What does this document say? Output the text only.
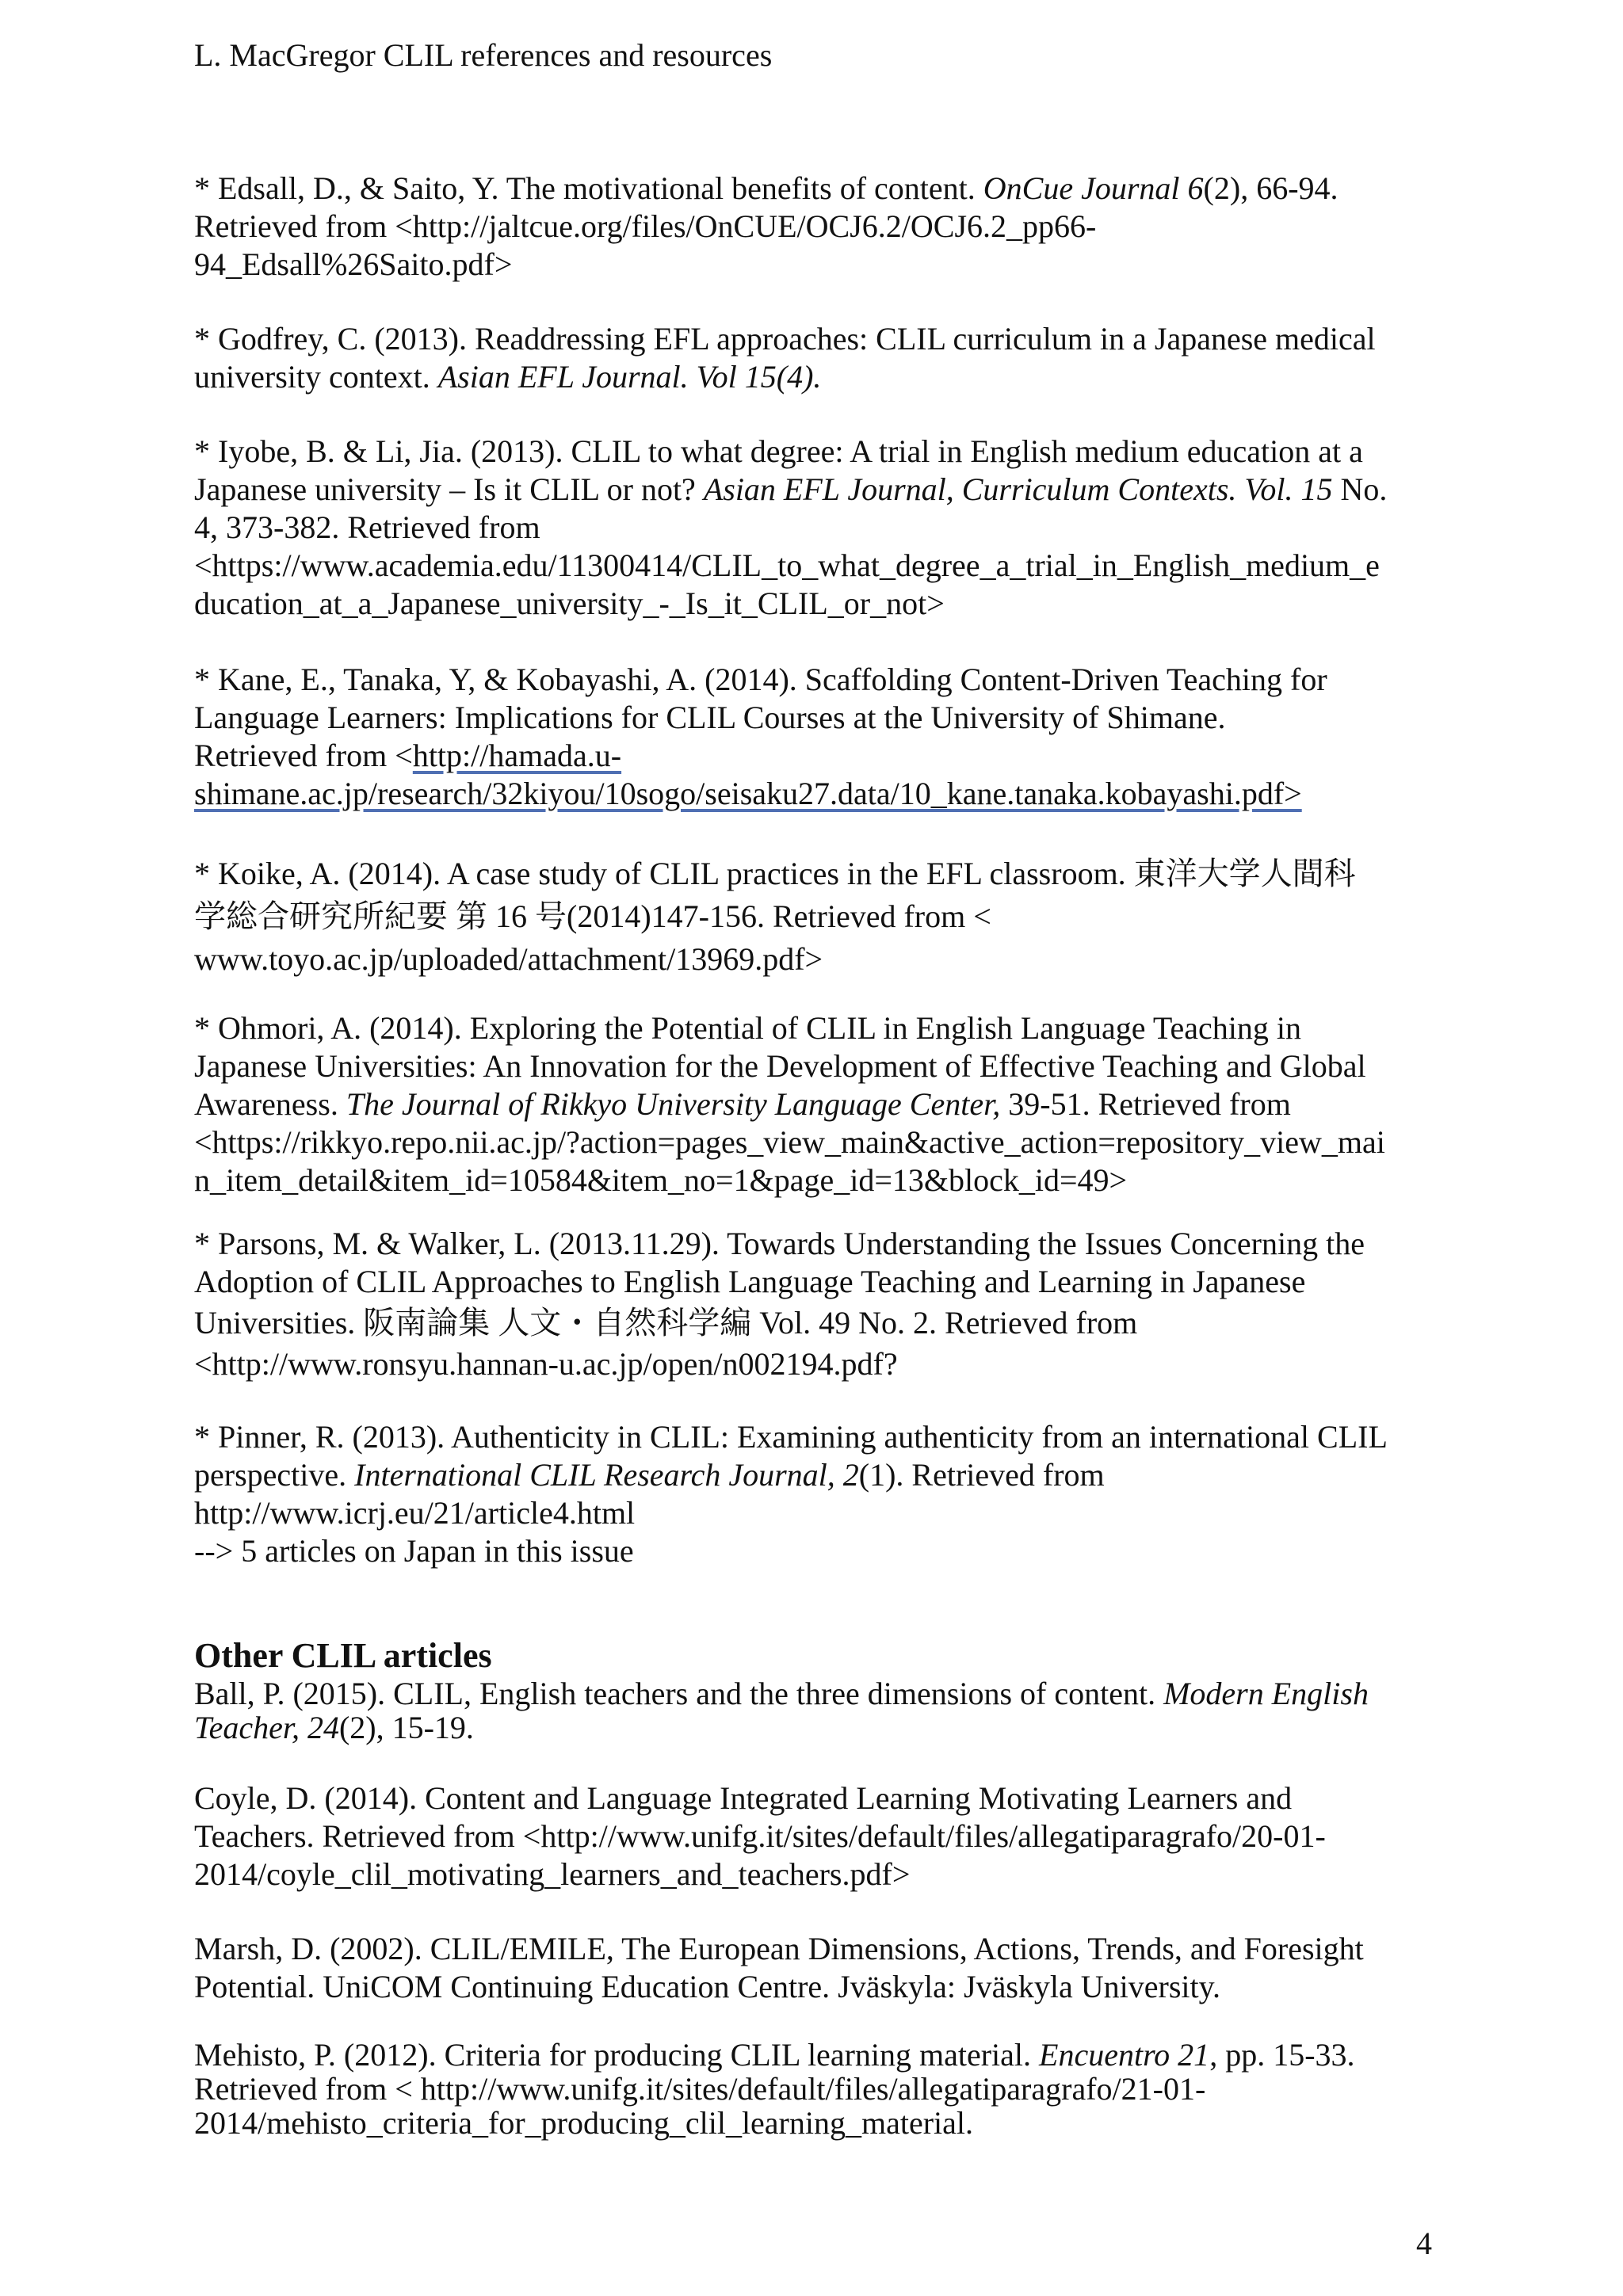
L. MacGregor CLIL references and resources
* Edsall, D., & Saito, Y. The motivational benefits of content. OnCue Journal 6(2), 66-94.
Retrieved from <http://jaltcue.org/files/OnCUE/OCJ6.2/OCJ6.2_pp66-
94_Edsall%26Saito.pdf>
* Godfrey, C. (2013). Readdressing EFL approaches: CLIL curriculum in a Japanese medical
university context. Asian EFL Journal. Vol 15(4).
* Iyobe, B. & Li, Jia. (2013). CLIL to what degree: A trial in English medium education at a
Japanese university – Is it CLIL or not? Asian EFL Journal, Curriculum Contexts. Vol. 15 No.
4, 373-382. Retrieved from
<https://www.academia.edu/11300414/CLIL_to_what_degree_a_trial_in_English_medium_e
ducation_at_a_Japanese_university_-_Is_it_CLIL_or_not>
* Kane, E., Tanaka, Y, & Kobayashi, A. (2014). Scaffolding Content-Driven Teaching for
Language Learners: Implications for CLIL Courses at the University of Shimane.
Retrieved from <http://hamada.u-
shimane.ac.jp/research/32kiyou/10sogo/seisaku27.data/10_kane.tanaka.kobayashi.pdf>
* Koike, A. (2014). A case study of CLIL practices in the EFL classroom. 東洋大学人間科
学総合研究所紀要 第 16 号(2014)147-156. Retrieved from <
www.toyo.ac.jp/uploaded/attachment/13969.pdf>
* Ohmori, A. (2014). Exploring the Potential of CLIL in English Language Teaching in
Japanese Universities: An Innovation for the Development of Effective Teaching and Global
Awareness. The Journal of Rikkyo University Language Center, 39-51. Retrieved from
<https://rikkyo.repo.nii.ac.jp/?action=pages_view_main&active_action=repository_view_mai
n_item_detail&item_id=10584&item_no=1&page_id=13&block_id=49>
* Parsons, M. & Walker, L. (2013.11.29). Towards Understanding the Issues Concerning the
Adoption of CLIL Approaches to English Language Teaching and Learning in Japanese
Universities. 阪南論集 人文・自然科学編 Vol. 49 No. 2. Retrieved from
<http://www.ronsyu.hannan-u.ac.jp/open/n002194.pdf?
* Pinner, R. (2013). Authenticity in CLIL: Examining authenticity from an international CLIL
perspective. International CLIL Research Journal, 2(1). Retrieved from
http://www.icrj.eu/21/article4.html
--> 5 articles on Japan in this issue
Other CLIL articles
Ball, P. (2015). CLIL, English teachers and the three dimensions of content. Modern English
Teacher, 24(2), 15-19.
Coyle, D. (2014). Content and Language Integrated Learning Motivating Learners and
Teachers. Retrieved from <http://www.unifg.it/sites/default/files/allegatiparagrafo/20-01-
2014/coyle_clil_motivating_learners_and_teachers.pdf>
Marsh, D. (2002). CLIL/EMILE, The European Dimensions, Actions, Trends, and Foresight
Potential. UniCOM Continuing Education Centre. Jväskyla: Jväskyla University.
Mehisto, P. (2012). Criteria for producing CLIL learning material. Encuentro 21, pp. 15-33.
Retrieved from < http://www.unifg.it/sites/default/files/allegatiparagrafo/21-01-
2014/mehisto_criteria_for_producing_clil_learning_material.
4
